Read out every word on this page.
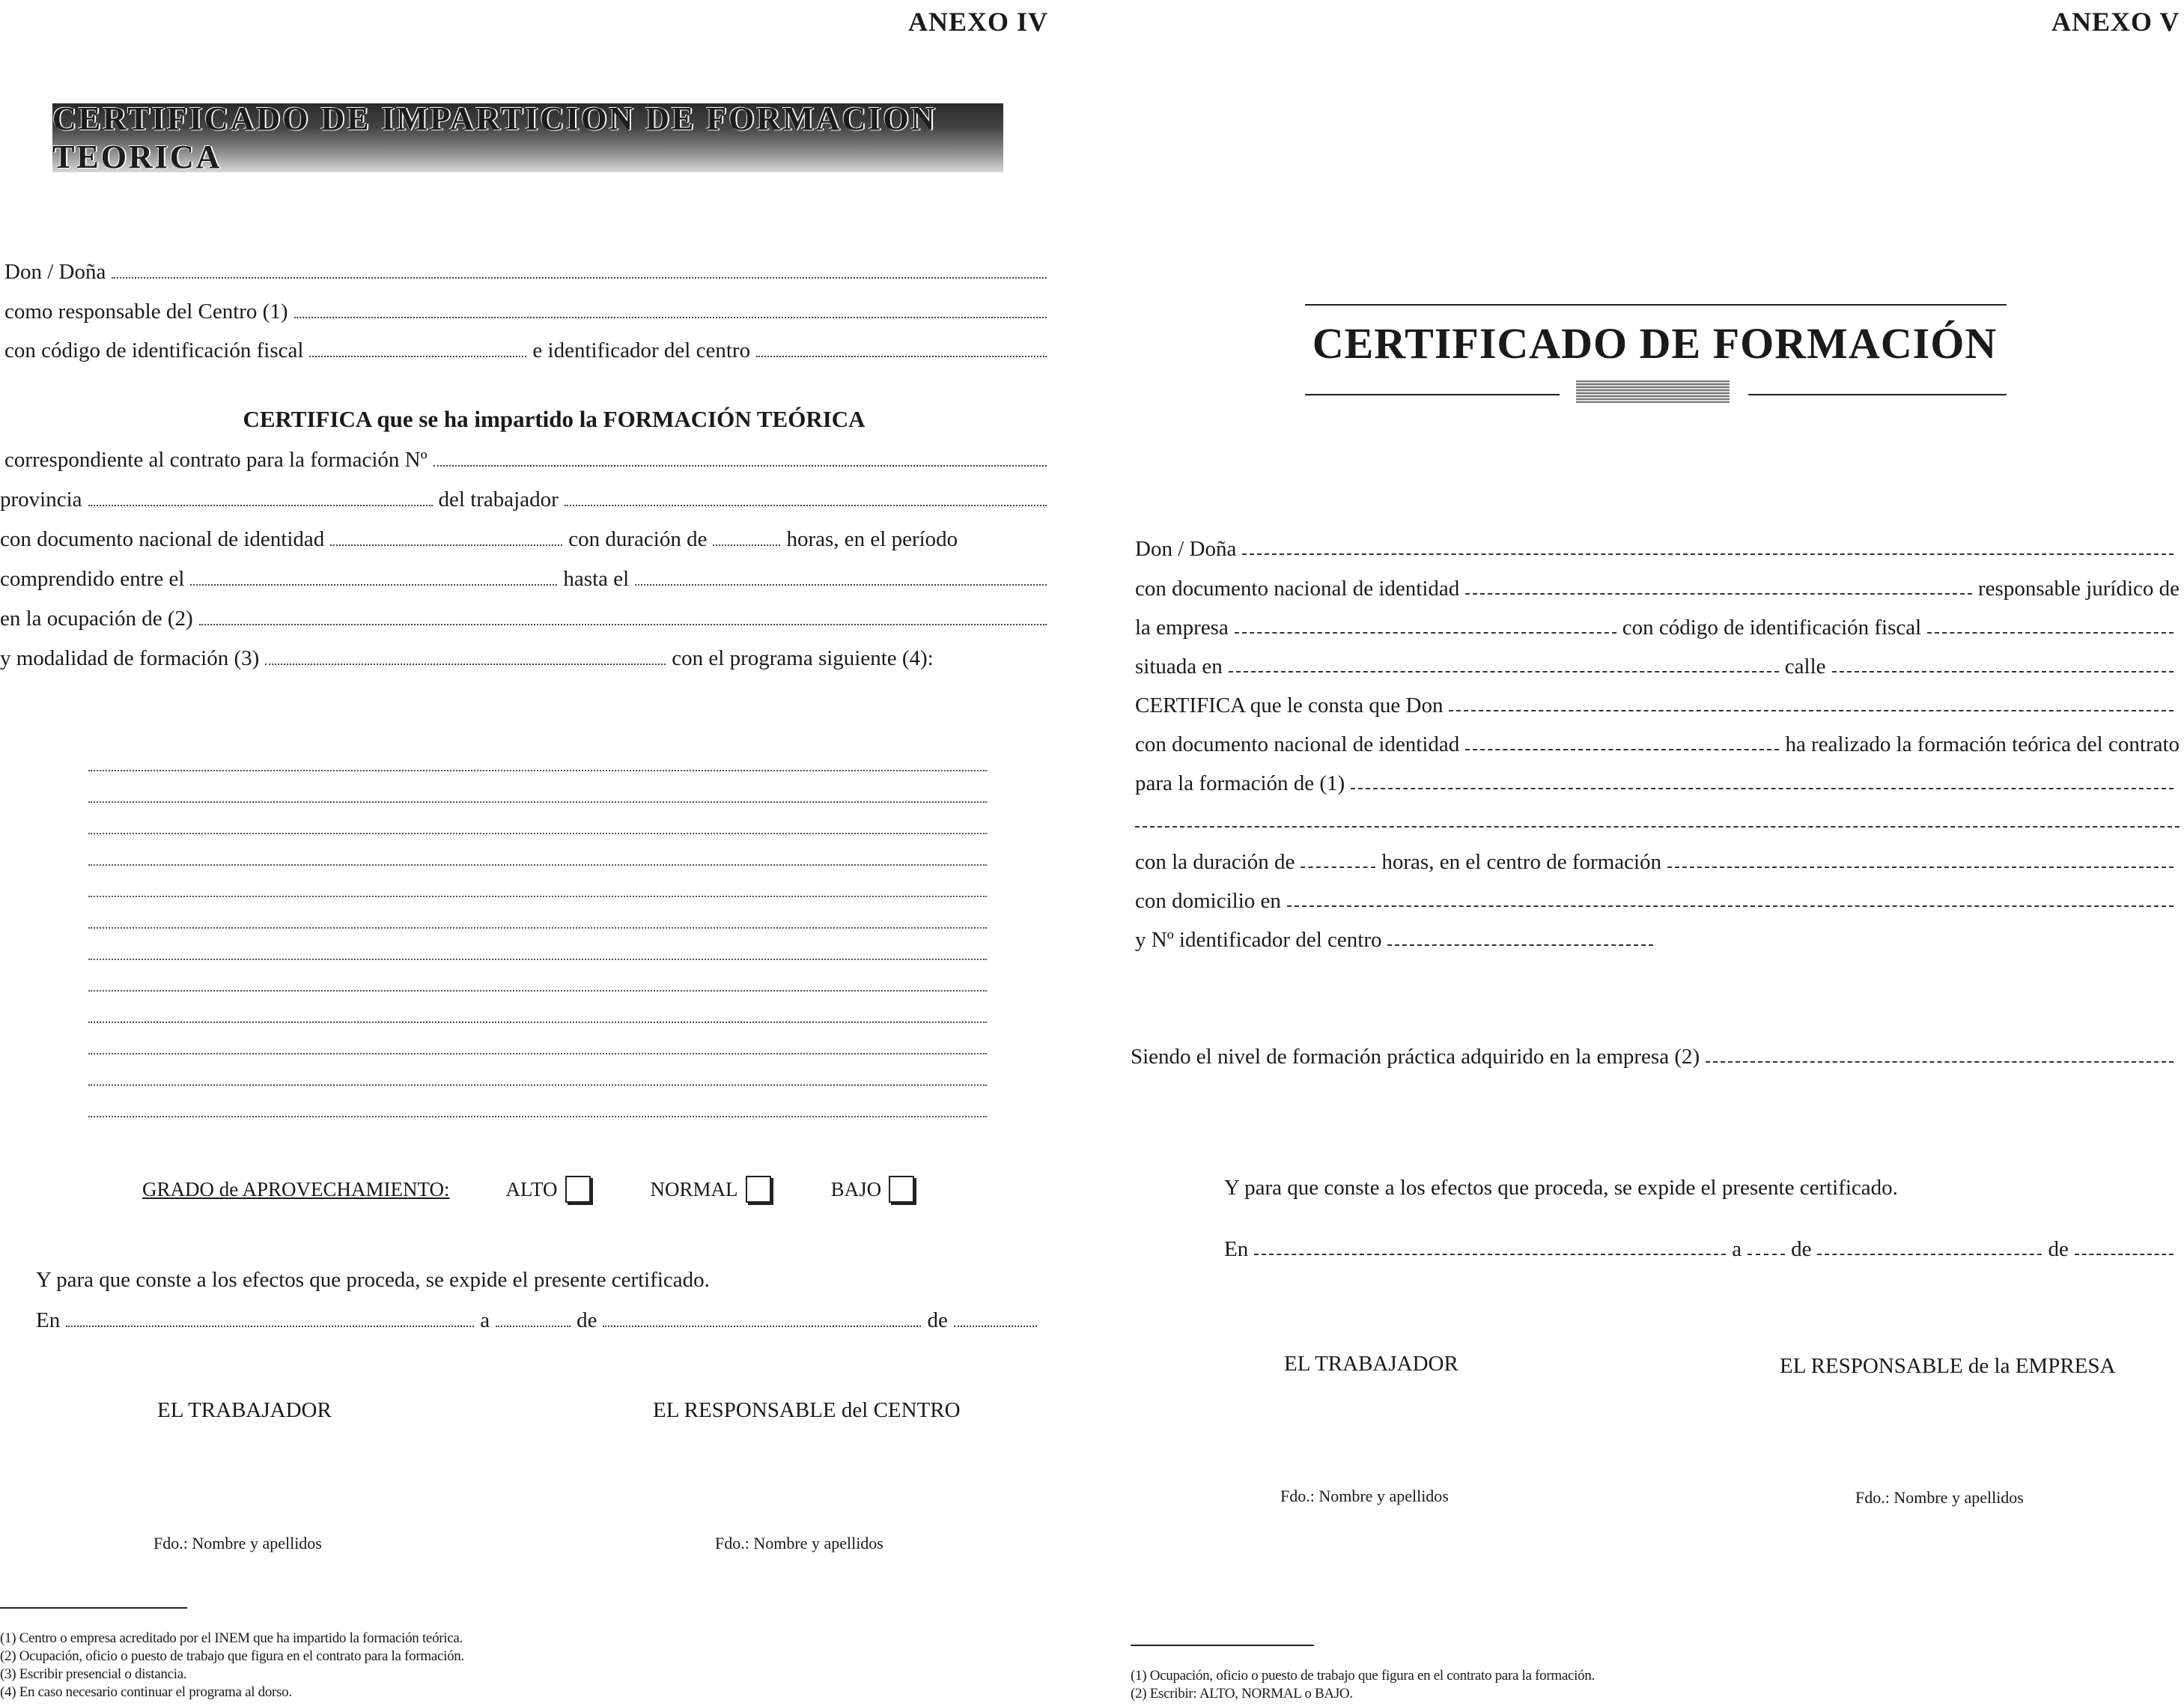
ANEXO IV
CERTIFICADO DE IMPARTICION DE FORMACION TEORICA
Don / Doña
como responsable del Centro (1)
con código de identificación fiscal	e identificador del centro
CERTIFICA que se ha impartido la FORMACIÓN TEÓRICA
correspondiente al contrato para la formación Nº
provincia	del trabajador
con documento nacional de identidad	con duración de	horas, en el período
comprendido entre el	hasta el
en la ocupación de (2)
y modalidad de formación (3)	con el programa siguiente (4):
GRADO de APROVECHAMIENTO:	ALTO	NORMAL	BAJO
Y para que conste a los efectos que proceda, se expide el presente certificado.
En	a	de	de
EL TRABAJADOR	EL RESPONSABLE del CENTRO
Fdo.: Nombre y apellidos	Fdo.: Nombre y apellidos
(1) Centro o empresa acreditado por el INEM que ha impartido la formación teórica.
(2) Ocupación, oficio o puesto de trabajo que figura en el contrato para la formación.
(3) Escribir presencial o distancia.
(4) En caso necesario continuar el programa al dorso.
ANEXO V
CERTIFICADO DE FORMACIÓN
Don / Doña
con documento nacional de identidad	responsable jurídico de
la empresa	con código de identificación fiscal
situada en	calle
CERTIFICA que le consta que Don
con documento nacional de identidad	ha realizado la formación teórica del contrato
para la formación de (1)
con la duración de	horas, en el centro de formación
con domicilio en
y Nº identificador del centro
Siendo el nivel de formación práctica adquirido en la empresa (2)
Y para que conste a los efectos que proceda, se expide el presente certificado.
En	a de	de
EL TRABAJADOR	EL RESPONSABLE de la EMPRESA
Fdo.: Nombre y apellidos	Fdo.: Nombre y apellidos
(1) Ocupación, oficio o puesto de trabajo que figura en el contrato para la formación.
(2) Escribir: ALTO, NORMAL o BAJO.
